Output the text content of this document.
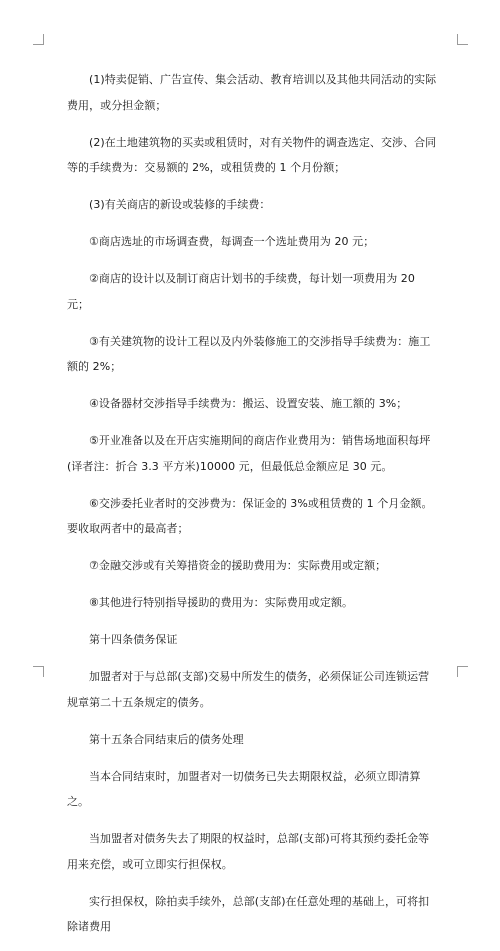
(1)特卖促销、广告宣传、集会活动、教育培训以及其他共同活动的实际费用，或分担金额；

(2)在土地建筑物的买卖或租赁时，对有关物件的调查选定、交涉、合同等的手续费为：交易额的 2%，或租赁费的 1 个月份额；

(3)有关商店的新设或装修的手续费：

①商店选址的市场调查费，每调查一个选址费用为 20 元；

②商店的设计以及制订商店计划书的手续费，每计划一项费用为 20 元；

③有关建筑物的设计工程以及内外装修施工的交涉指导手续费为：施工额的 2%；

④设备器材交涉指导手续费为：搬运、设置安装、施工额的 3%；

⑤开业准备以及在开店实施期间的商店作业费用为：销售场地面积每坪(译者注：折合 3.3 平方米)10000 元，但最低总金额应足 30 元。

⑥交涉委托业者时的交涉费为：保证金的 3%或租赁费的 1 个月金额。要收取两者中的最高者；

⑦金融交涉或有关筹措资金的援助费用为：实际费用或定额；

⑧其他进行特别指导援助的费用为：实际费用或定额。

第十四条债务保证

加盟者对于与总部(支部)交易中所发生的债务，必须保证公司连锁运营规章第二十五条规定的债务。

第十五条合同结束后的债务处理

当本合同结束时，加盟者对一切债务已失去期限权益，必须立即清算之。

当加盟者对债务失去了期限的权益时，总部(支部)可将其预约委托金等用来充偿，或可立即实行担保权。

实行担保权，除拍卖手续外，总部(支部)在任意处理的基础上，可将扣除诸费用
